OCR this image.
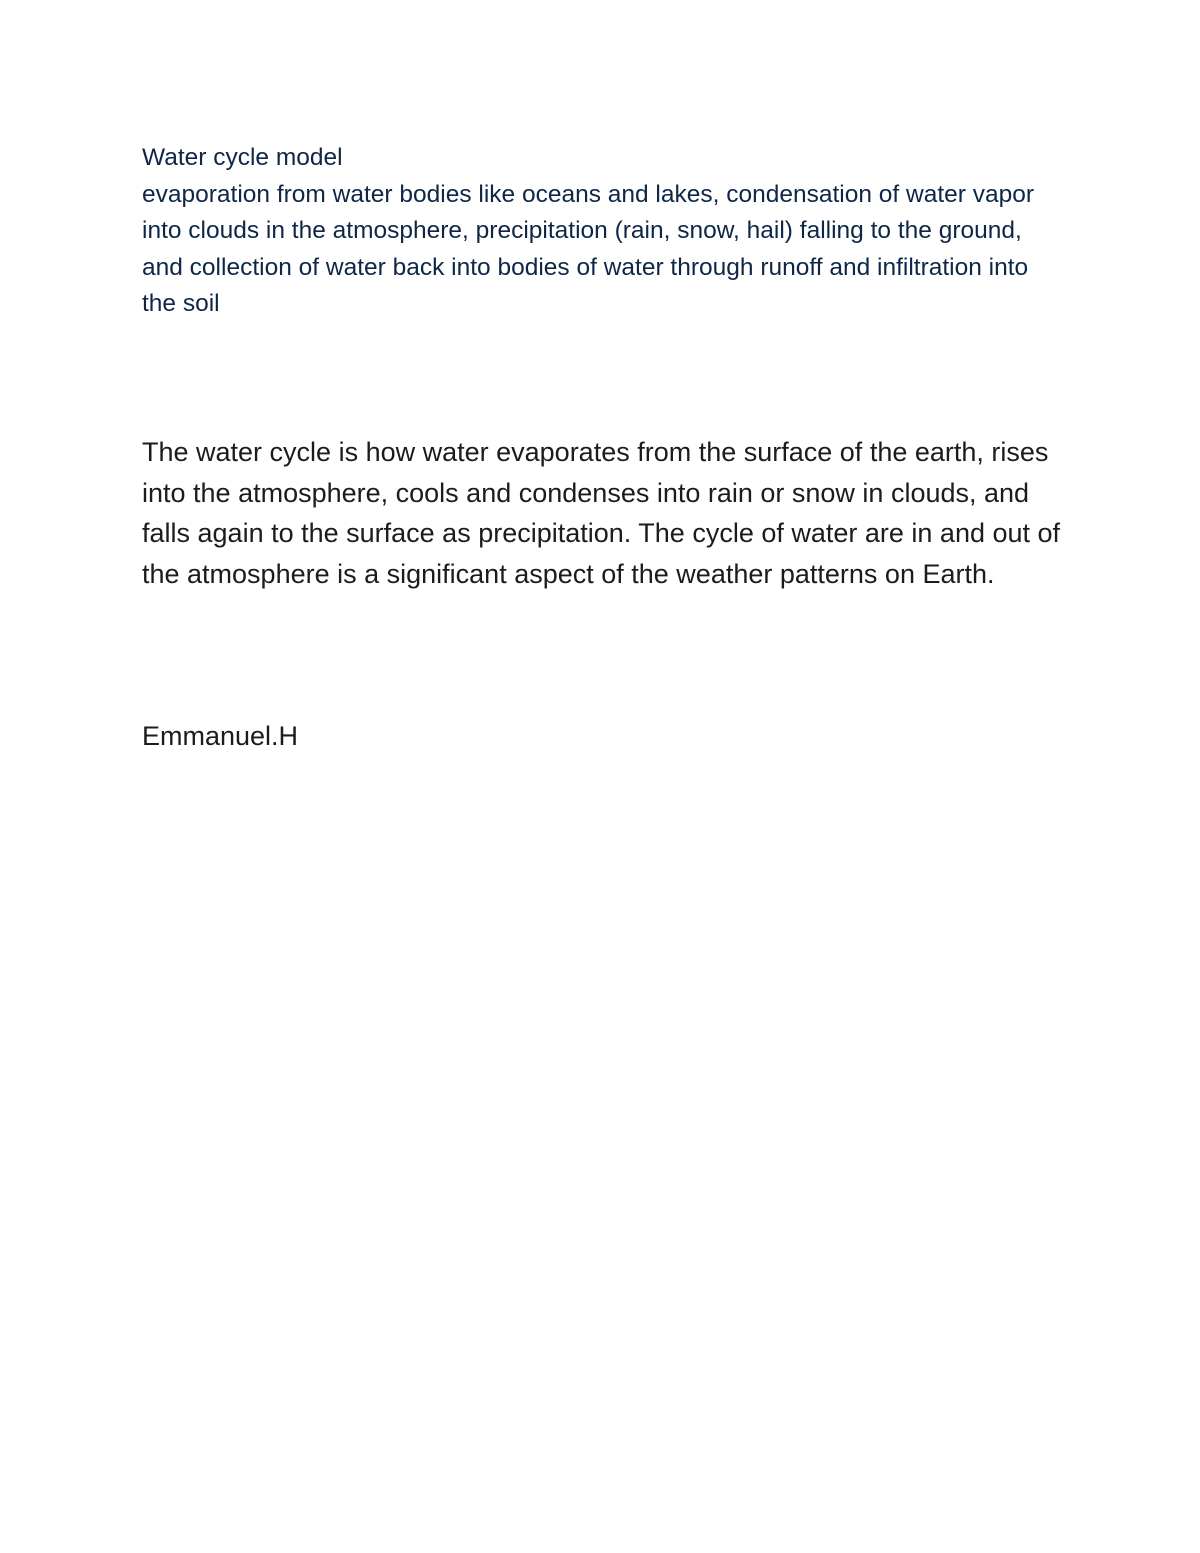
Water cycle model
evaporation from water bodies like oceans and lakes, condensation of water vapor into clouds in the atmosphere, precipitation (rain, snow, hail) falling to the ground, and collection of water back into bodies of water through runoff and infiltration into the soil
The water cycle is how water evaporates from the surface of the earth, rises into the atmosphere, cools and condenses into rain or snow in clouds, and falls again to the surface as precipitation. The cycle of water are in and out of the atmosphere is a significant aspect of the weather patterns on Earth.
Emmanuel.H
